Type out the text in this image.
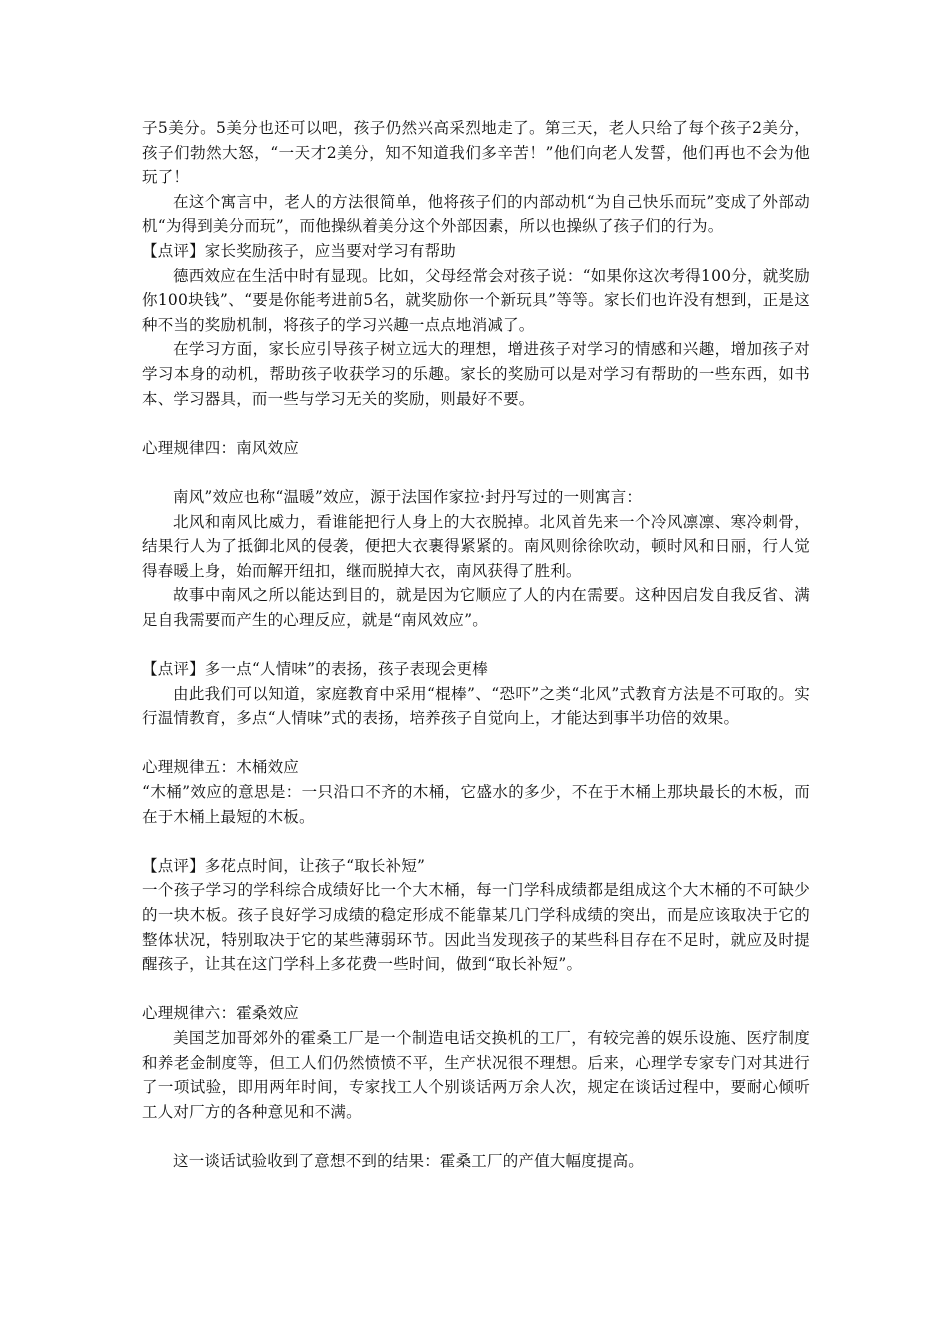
子5美分。5美分也还可以吧，孩子仍然兴高采烈地走了。第三天，老人只给了每个孩子2美分，孩子们勃然大怒，“一天才2美分，知不知道我们多辛苦！”他们向老人发誓，他们再也不会为他玩了！

在这个寓言中，老人的方法很简单，他将孩子们的内部动机“为自己快乐而玩”变成了外部动机“为得到美分而玩”，而他操纵着美分这个外部因素，所以也操纵了孩子们的行为。

【点评】家长奖励孩子，应当要对学习有帮助

德西效应在生活中时有显现。比如，父母经常会对孩子说：“如果你这次考得100分，就奖励你100块钱”、“要是你能考进前5名，就奖励你一个新玩具”等等。家长们也许没有想到，正是这种不当的奖励机制，将孩子的学习兴趣一点点地消减了。

在学习方面，家长应引导孩子树立远大的理想，增进孩子对学习的情感和兴趣，增加孩子对学习本身的动机，帮助孩子收获学习的乐趣。家长的奖励可以是对学习有帮助的一些东西，如书本、学习器具，而一些与学习无关的奖励，则最好不要。

心理规律四：南风效应

南风”效应也称“温暖”效应，源于法国作家拉·封丹写过的一则寓言：

北风和南风比威力，看谁能把行人身上的大衣脱掉。北风首先来一个冷风凛凛、寒冷刺骨，结果行人为了抵御北风的侵袭，便把大衣裹得紧紧的。南风则徐徐吹动，顿时风和日丽，行人觉得春暖上身，始而解开纽扣，继而脱掉大衣，南风获得了胜利。

故事中南风之所以能达到目的，就是因为它顺应了人的内在需要。这种因启发自我反省、满足自我需要而产生的心理反应，就是“南风效应”。

【点评】多一点“人情味”的表扬，孩子表现会更棒

由此我们可以知道，家庭教育中采用“棍棒”、“恐吓”之类“北风”式教育方法是不可取的。实行温情教育，多点“人情味”式的表扬，培养孩子自觉向上，才能达到事半功倍的效果。

心理规律五：木桶效应

“木桶”效应的意思是：一只沿口不齐的木桶，它盛水的多少，不在于木桶上那块最长的木板，而在于木桶上最短的木板。

【点评】多花点时间，让孩子“取长补短”

一个孩子学习的学科综合成绩好比一个大木桶，每一门学科成绩都是组成这个大木桶的不可缺少的一块木板。孩子良好学习成绩的稳定形成不能靠某几门学科成绩的突出，而是应该取决于它的整体状况，特别取决于它的某些薄弱环节。因此当发现孩子的某些科目存在不足时，就应及时提醒孩子，让其在这门学科上多花费一些时间，做到“取长补短”。

心理规律六：霍桑效应

美国芝加哥郊外的霍桑工厂是一个制造电话交换机的工厂，有较完善的娱乐设施、医疗制度和养老金制度等，但工人们仍然愤愤不平，生产状况很不理想。后来，心理学专家专门对其进行了一项试验，即用两年时间，专家找工人个别谈话两万余人次，规定在谈话过程中，要耐心倾听工人对厂方的各种意见和不满。

这一谈话试验收到了意想不到的结果：霍桑工厂的产值大幅度提高。
